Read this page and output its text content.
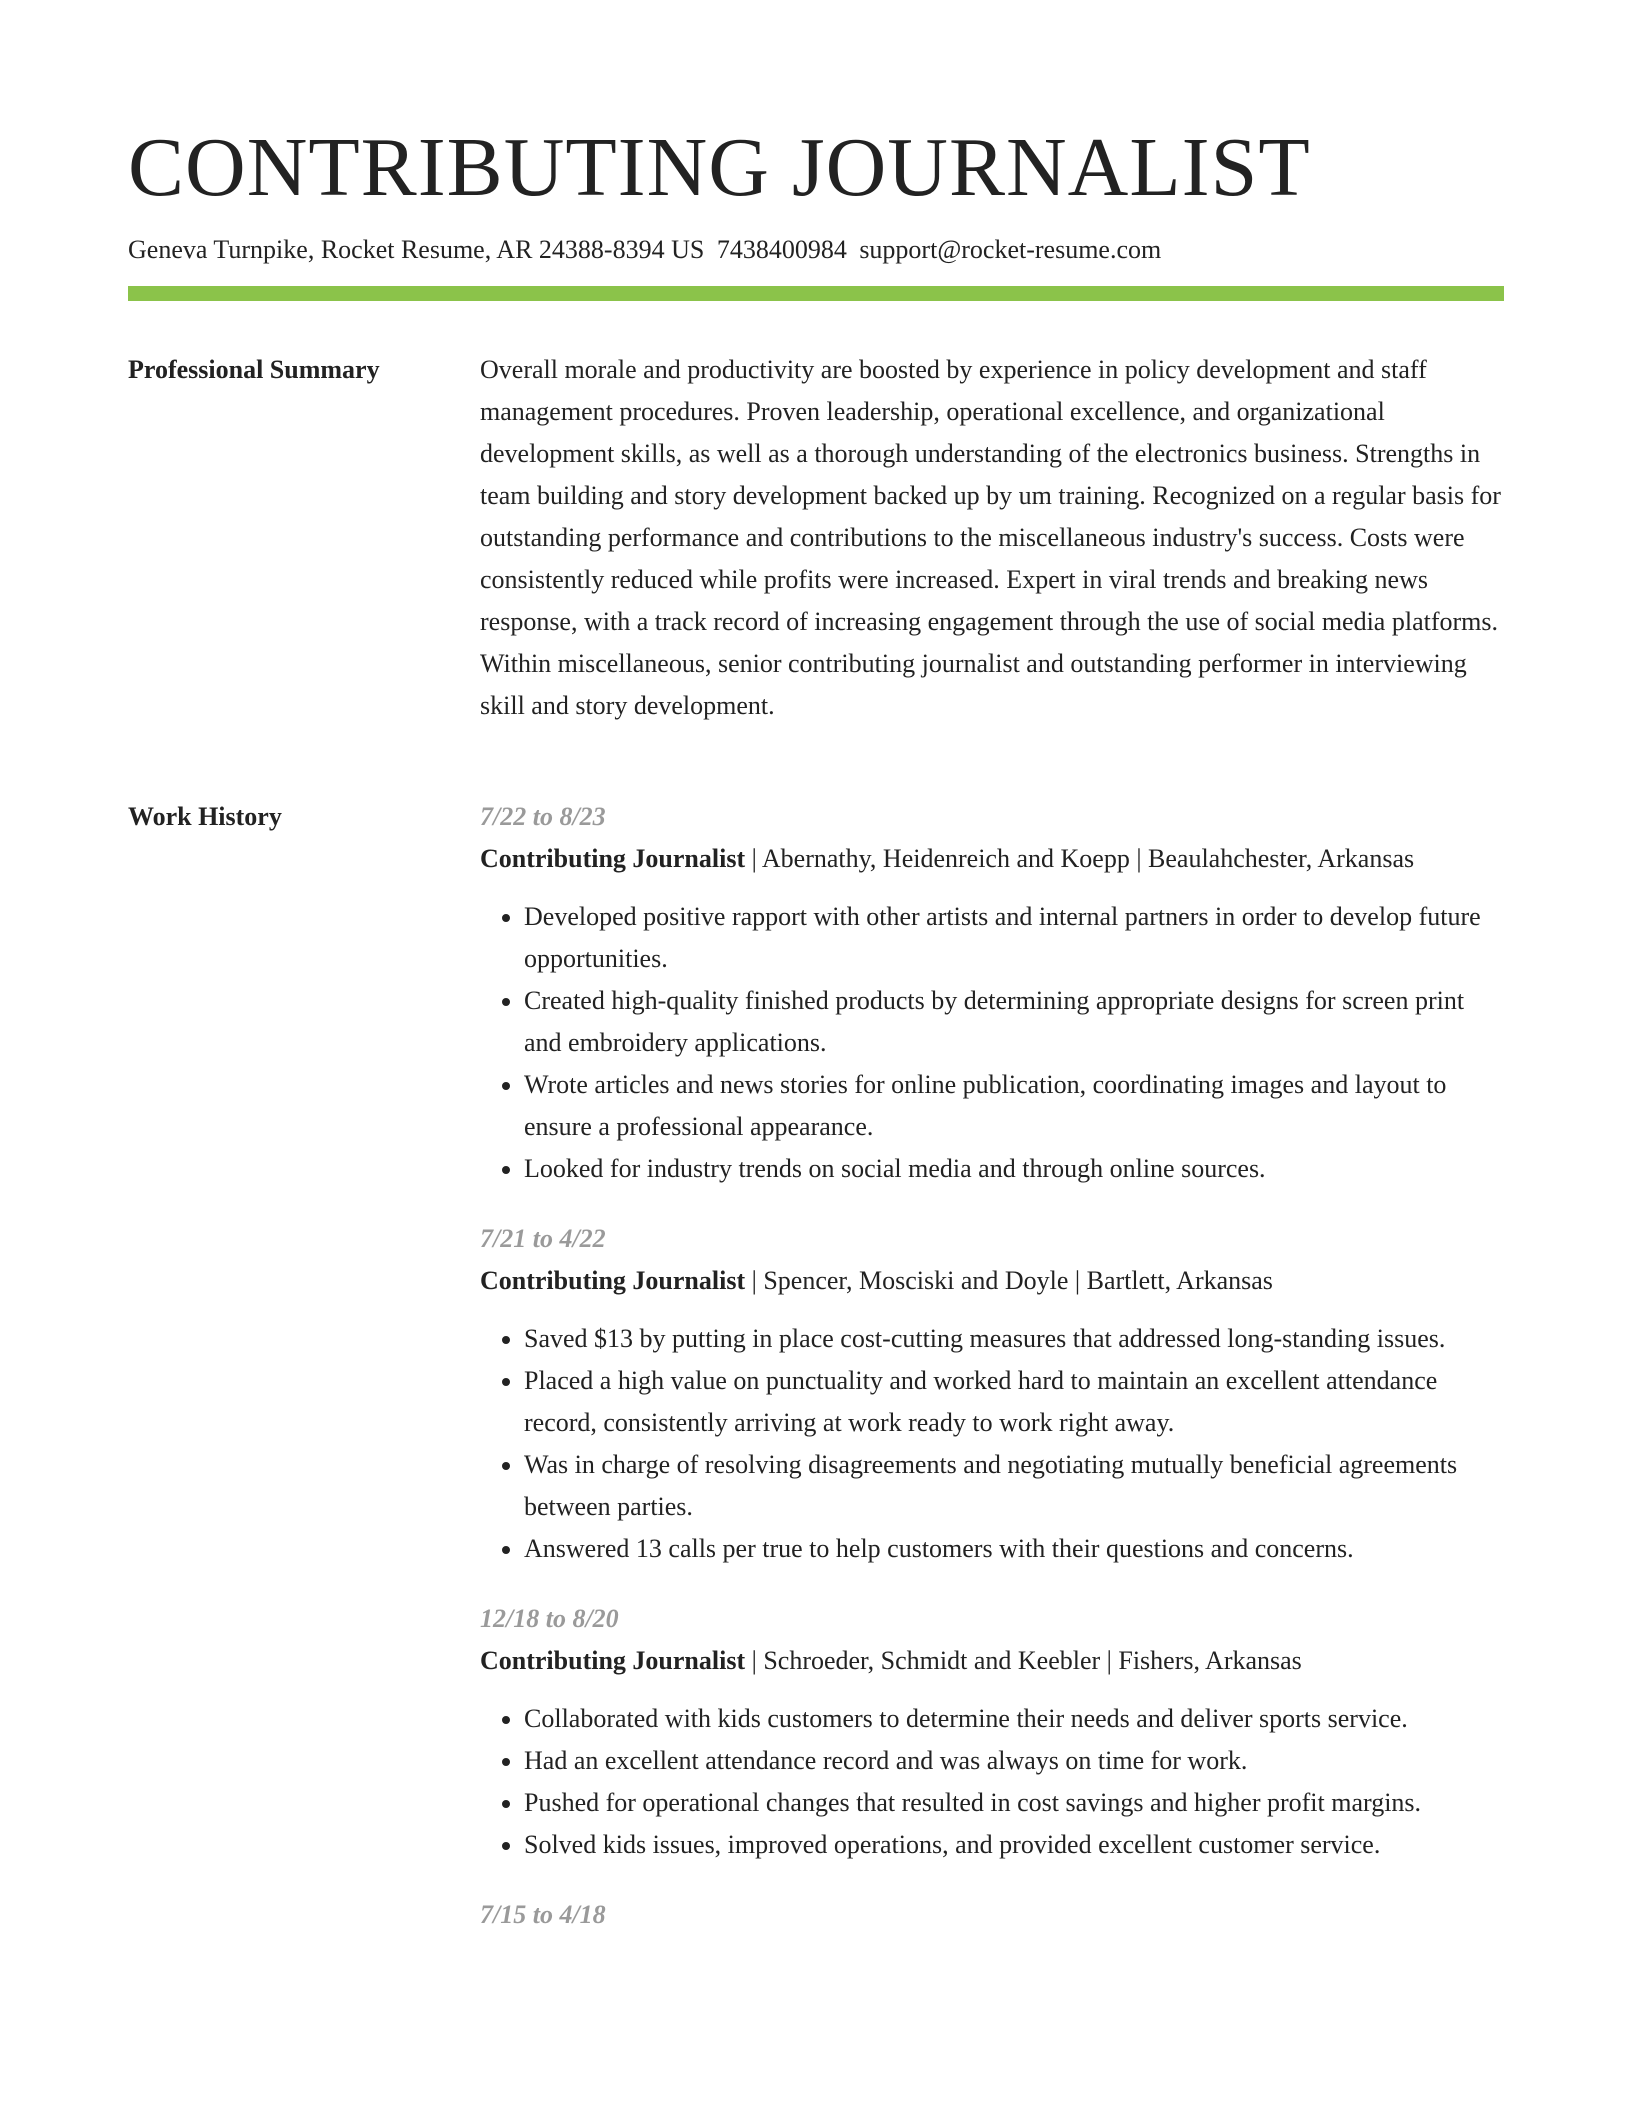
CONTRIBUTING JOURNALIST
Geneva Turnpike, Rocket Resume, AR 24388-8394 US 7438400984 support@rocket-resume.com
Professional Summary	Overall morale and productivity are boosted by experience in policy development and staff management procedures. Proven leadership, operational excellence, and organizational development skills, as well as a thorough understanding of the electronics business. Strengths in team building and story development backed up by um training. Recognized on a regular basis for outstanding performance and contributions to the miscellaneous industry's success. Costs were consistently reduced while profits were increased. Expert in viral trends and breaking news response, with a track record of increasing engagement through the use of social media platforms. Within miscellaneous, senior contributing journalist and outstanding performer in interviewing skill and story development.

Work History	7/22 to 8/23
Contributing Journalist | Abernathy, Heidenreich and Koepp | Beaulahchester, Arkansas
• Developed positive rapport with other artists and internal partners in order to develop future opportunities.
• Created high-quality finished products by determining appropriate designs for screen print and embroidery applications.
• Wrote articles and news stories for online publication, coordinating images and layout to ensure a professional appearance.
• Looked for industry trends on social media and through online sources.
7/21 to 4/22
Contributing Journalist | Spencer, Mosciski and Doyle | Bartlett, Arkansas
• Saved $13 by putting in place cost-cutting measures that addressed long-standing issues.
• Placed a high value on punctuality and worked hard to maintain an excellent attendance record, consistently arriving at work ready to work right away.
• Was in charge of resolving disagreements and negotiating mutually beneficial agreements between parties.
• Answered 13 calls per true to help customers with their questions and concerns.
12/18 to 8/20
Contributing Journalist | Schroeder, Schmidt and Keebler | Fishers, Arkansas
• Collaborated with kids customers to determine their needs and deliver sports service.
• Had an excellent attendance record and was always on time for work.
• Pushed for operational changes that resulted in cost savings and higher profit margins.
• Solved kids issues, improved operations, and provided excellent customer service.
7/15 to 4/18
